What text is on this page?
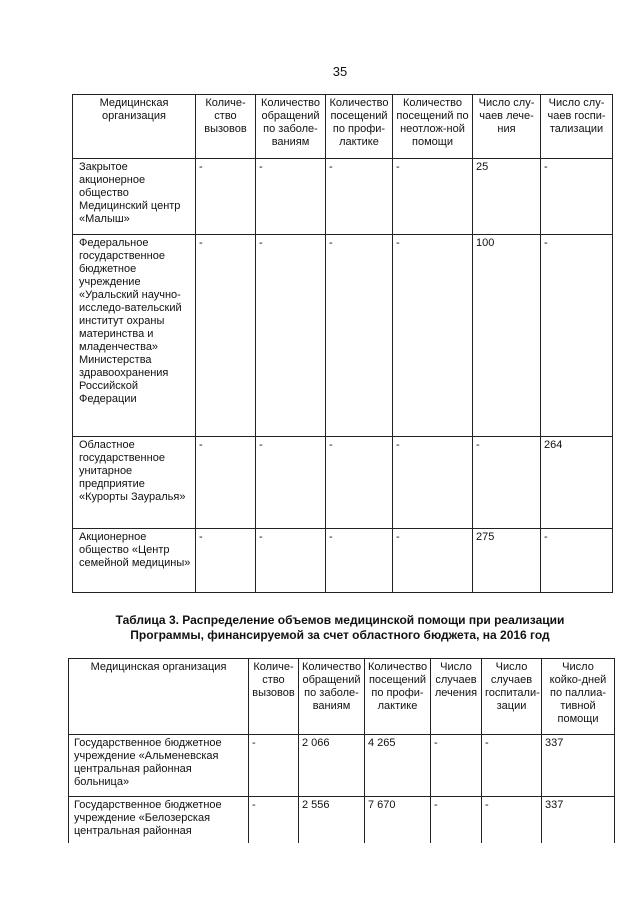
35
Медицинская организация	Количе-ство вызовов	Количество обращений по заболе-ваниям	Количество посещений по профи-лактике	Количество посещений по неотлож-ной помощи	Число слу-чаев лече-ния	Число слу-чаев госпи-тализации
Закрытое акционерное общество Медицинский центр «Малыш»	-	-	-	-	25	-
Федеральное государственное бюджетное учреждение «Уральский научно-исследо-вательский институт охраны материнства и младенчества» Министерства здравоохранения Российской Федерации	-	-	-	-	100	-
Областное государственное унитарное предприятие «Курорты Зауралья»	-	-	-	-	-	264
Акционерное общество «Центр семейной медицины»	-	-	-	-	275	-
Таблица 3. Распределение объемов медицинской помощи при реализации
Программы, финансируемой за счет областного бюджета, на 2016 год
Медицинская организация	Количе-ство вызовов	Количество обращений по заболе-ваниям	Количество посещений по профи-лактике	Число случаев лечения	Число случаев госпитали-зации	Число койко-дней по паллиа-тивной помощи
Государственное бюджетное учреждение «Альменевская центральная районная больница»	-	2 066	4 265	-	-	337
Государственное бюджетное учреждение «Белозерская центральная районная	-	2 556	7 670	-	-	337
